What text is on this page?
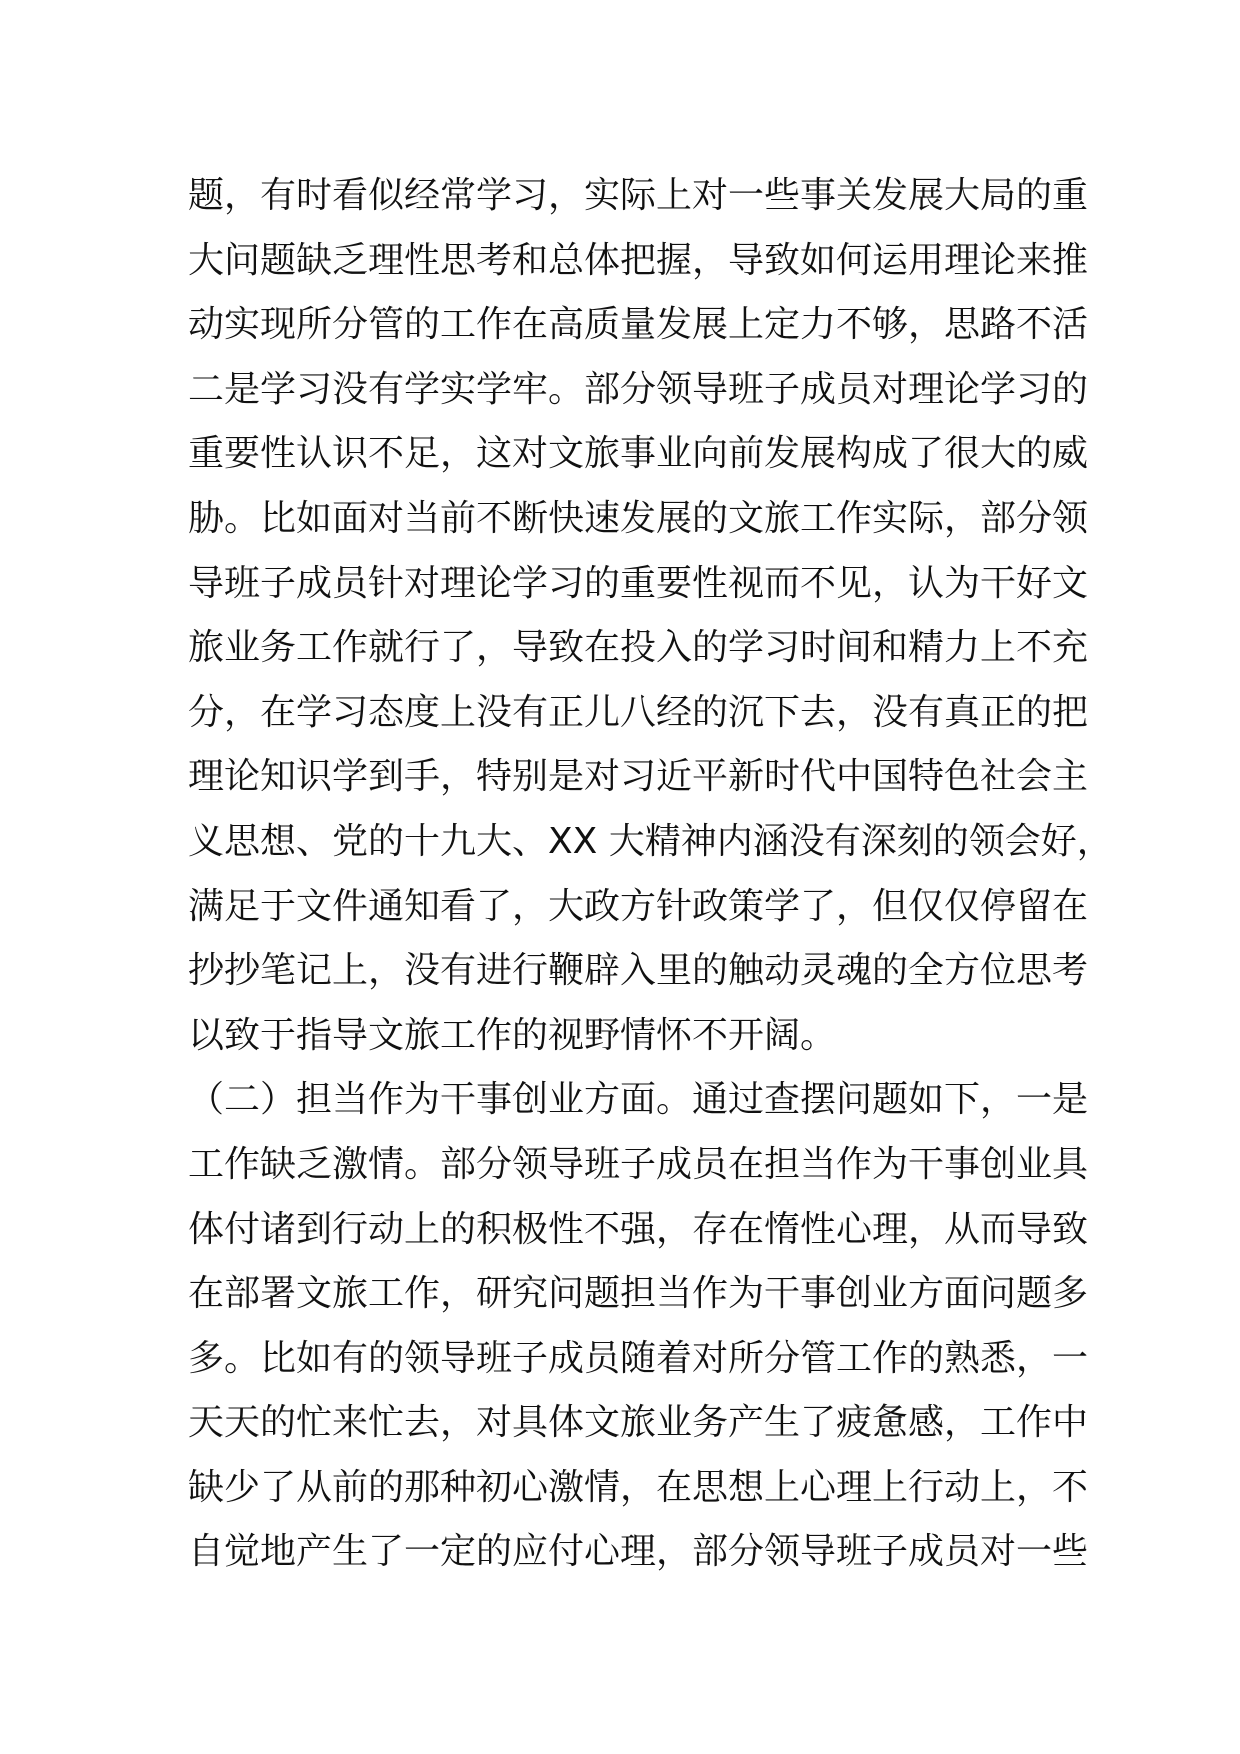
题，有时看似经常学习，实际上对一些事关发展大局的重
大问题缺乏理性思考和总体把握，导致如何运用理论来推
动实现所分管的工作在高质量发展上定力不够，思路不活
二是学习没有学实学牢。部分领导班子成员对理论学习的
重要性认识不足，这对文旅事业向前发展构成了很大的威
胁。比如面对当前不断快速发展的文旅工作实际，部分领
导班子成员针对理论学习的重要性视而不见，认为干好文
旅业务工作就行了，导致在投入的学习时间和精力上不充
分，在学习态度上没有正儿八经的沉下去，没有真正的把
理论知识学到手，特别是对习近平新时代中国特色社会主
义思想、党的十九大、XX 大精神内涵没有深刻的领会好，
满足于文件通知看了，大政方针政策学了，但仅仅停留在
抄抄笔记上，没有进行鞭辟入里的触动灵魂的全方位思考
以致于指导文旅工作的视野情怀不开阔。
（二）担当作为干事创业方面。通过查摆问题如下，一是
工作缺乏激情。部分领导班子成员在担当作为干事创业具
体付诸到行动上的积极性不强，存在惰性心理，从而导致
在部署文旅工作，研究问题担当作为干事创业方面问题多
多。比如有的领导班子成员随着对所分管工作的熟悉，一
天天的忙来忙去，对具体文旅业务产生了疲惫感，工作中
缺少了从前的那种初心激情，在思想上心理上行动上，不
自觉地产生了一定的应付心理，部分领导班子成员对一些
